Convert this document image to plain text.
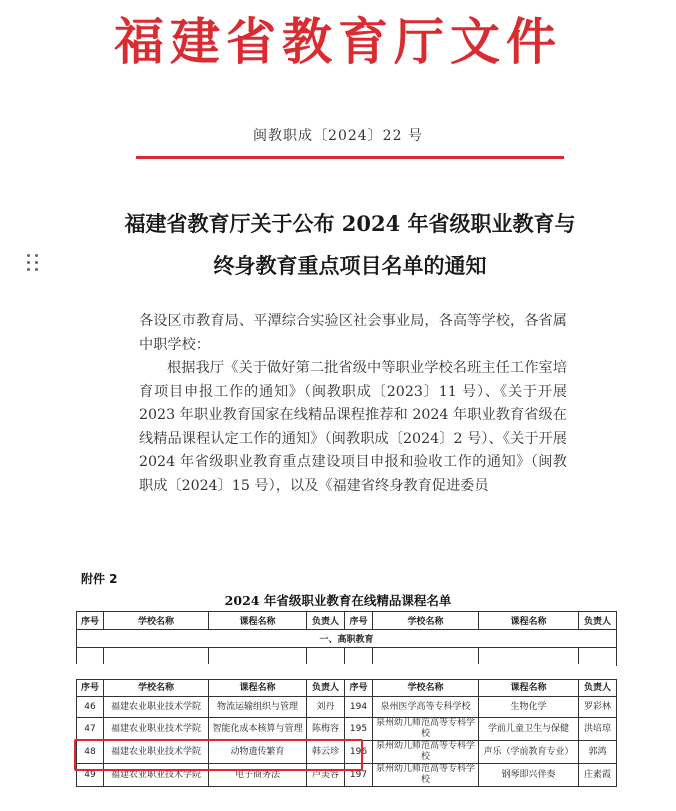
福建省教育厅文件
闽教职成〔2024〕22 号
福建省教育厅关于公布 2024 年省级职业教育与
终身教育重点项目名单的通知

各设区市教育局、平潭综合实验区社会事业局，各高等学校，各省属中职学校：

根据我厅《关于做好第二批省级中等职业学校名班主任工作室培育项目申报工作的通知》（闽教职成〔2023〕11 号）、《关于开展 2023 年职业教育国家在线精品课程推荐和 2024 年职业教育省级在线精品课程认定工作的通知》（闽教职成〔2024〕2 号）、《关于开展 2024 年省级职业教育重点建设项目申报和验收工作的通知》（闽教职成〔2024〕15 号），以及《福建省终身教育促进委员

附件 2
2024 年省级职业教育在线精品课程名单
序号	学校名称	课程名称	负责人	序号	学校名称	课程名称	负责人
一、高职教育							

序号	学校名称	课程名称	负责人	序号	学校名称	课程名称	负责人
46	福建农业职业技术学院	物流运输组织与管理	刘丹	194	泉州医学高等专科学校	生物化学	罗彩林
47	福建农业职业技术学院	智能化成本核算与管理	陈梅容	195	泉州幼儿师范高等专科学校	学前儿童卫生与保健	洪培琼
48	福建农业职业技术学院	动物遗传繁育	韩云珍	196	泉州幼儿师范高等专科学校	声乐（学前教育专业）	郭鸿
49	福建农业职业技术学院	电子商务法	卢美容	197	泉州幼儿师范高等专科学校	钢琴即兴伴奏	庄素霞
